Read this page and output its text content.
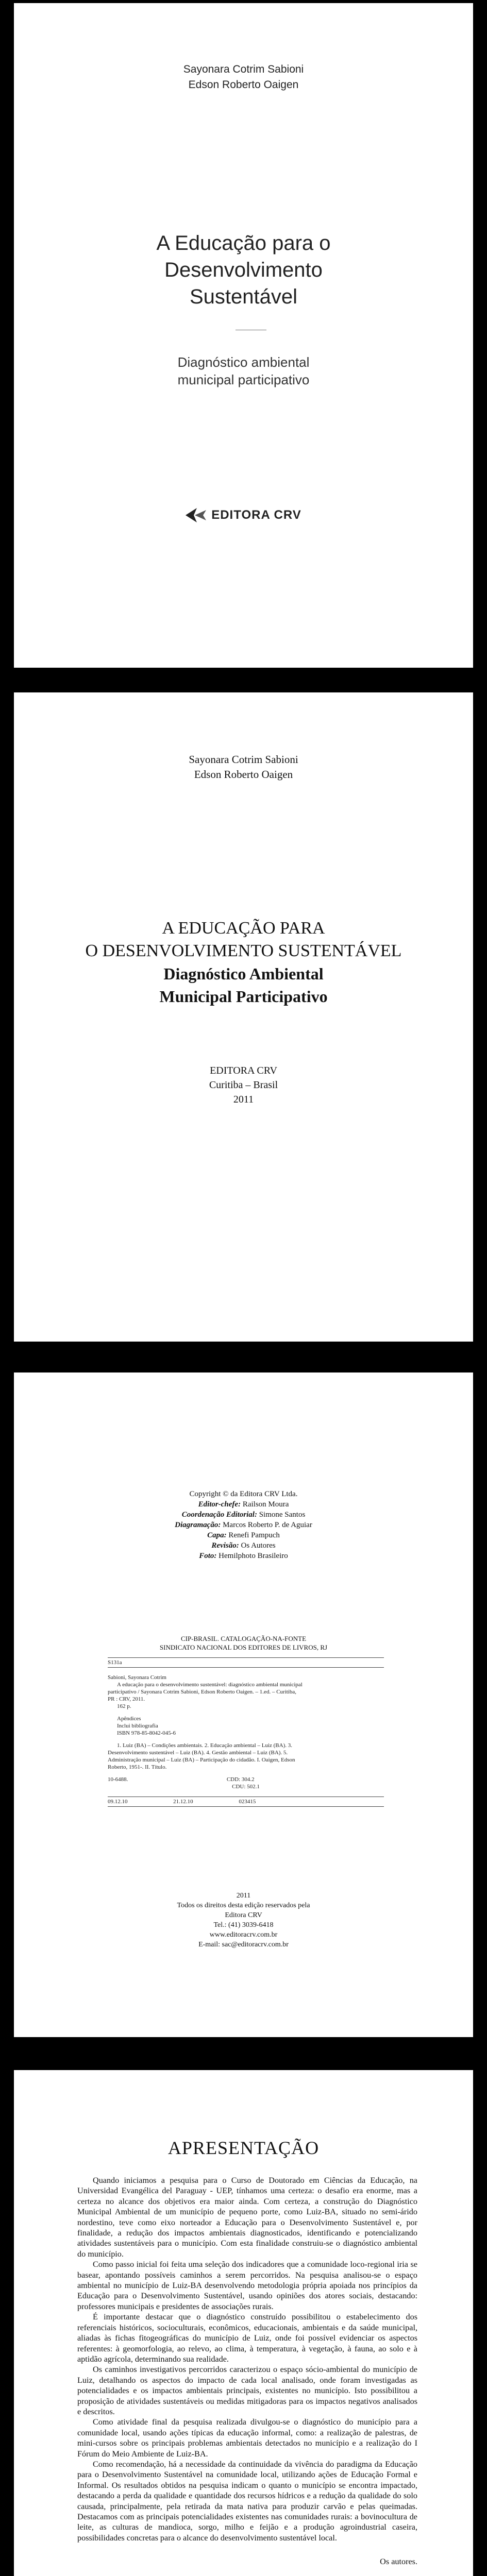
Sayonara Cotrim Sabioni
Edson Roberto Oaigen
A Educação para o
Desenvolvimento
Sustentável
Diagnóstico ambiental
municipal participativo
EDITORA CRV
Sayonara Cotrim Sabioni
Edson Roberto Oaigen
A EDUCAÇÃO PARA
O DESENVOLVIMENTO SUSTENTÁVEL
Diagnóstico Ambiental
Municipal Participativo
EDITORA CRV
Curitiba – Brasil
2011
Copyright © da Editora CRV Ltda.
Editor-chefe: Railson Moura
Coordenação Editorial: Simone Santos
Diagramação: Marcos Roberto P. de Aguiar
Capa: Renefi Pampuch
Revisão: Os Autores
Foto: Hemilphoto Brasileiro
CIP-BRASIL. CATALOGAÇÃO-NA-FONTE
SINDICATO NACIONAL DOS EDITORES DE LIVROS, RJ
S131a
Sabioni, Sayonara Cotrim
A educação para o desenvolvimento sustentável: diagnóstico ambiental municipal
participativo / Sayonara Cotrim Sabioni, Edson Roberto Oaigen. – 1.ed. – Curitiba,
PR : CRV, 2011.
162 p.
Apêndices
Inclui bibliografia
ISBN 978-85-8042-045-6
1. Luiz (BA) – Condições ambientais. 2. Educação ambiental – Luiz (BA). 3.
Desenvolvimento sustentável – Luiz (BA). 4. Gestão ambiental – Luiz (BA). 5.
Administração municipal – Luiz (BA) – Participação do cidadão. I. Oaigen, Edson
Roberto, 1951-. II. Título.
10-6488.	CDD: 304.2
CDU: 502.1
09.12.10	21.12.10	023415
2011
Todos os direitos desta edição reservados pela
Editora CRV
Tel.: (41) 3039-6418
www.editoracrv.com.br
E-mail: sac@editoracrv.com.br
APRESENTAÇÃO

Quando iniciamos a pesquisa para o Curso de Doutorado em Ciências da Educação, na Universidad Evangélica del Paraguay - UEP, tínhamos uma certeza: o desafio era enorme, mas a certeza no alcance dos objetivos era maior ainda. Com certeza, a construção do Diagnóstico Municipal Ambiental de um município de pequeno porte, como Luiz-BA, situado no semi-árido nordestino, teve como eixo norteador a Educação para o Desenvolvimento Sustentável e, por finalidade, a redução dos impactos ambientais diagnosticados, identificando e potencializando atividades sustentáveis para o município. Com esta finalidade construiu-se o diagnóstico ambiental do município.

Como passo inicial foi feita uma seleção dos indicadores que a comunidade loco-regional iria se basear, apontando possíveis caminhos a serem percorridos. Na pesquisa analisou-se o espaço ambiental no município de Luiz-BA desenvolvendo metodologia própria apoiada nos princípios da Educação para o Desenvolvimento Sustentável, usando opiniões dos atores sociais, destacando: professores municipais e presidentes de associações rurais.

É importante destacar que o diagnóstico construído possibilitou o estabelecimento dos referenciais históricos, socioculturais, econômicos, educacionais, ambientais e da saúde municipal, aliadas às fichas fitogeográficas do município de Luiz, onde foi possível evidenciar os aspectos referentes: à geomorfologia, ao relevo, ao clima, à temperatura, à vegetação, à fauna, ao solo e à aptidão agrícola, determinando sua realidade.

Os caminhos investigativos percorridos caracterizou o espaço sócio-ambiental do município de Luiz, detalhando os aspectos do impacto de cada local analisado, onde foram investigadas as potencialidades e os impactos ambientais principais, existentes no município. Isto possibilitou a proposição de atividades sustentáveis ou medidas mitigadoras para os impactos negativos analisados e descritos.

Como atividade final da pesquisa realizada divulgou-se o diagnóstico do município para a comunidade local, usando ações típicas da educação informal, como: a realização de palestras, de mini-cursos sobre os principais problemas ambientais detectados no município e a realização do I Fórum do Meio Ambiente de Luiz-BA.

Como recomendação, há a necessidade da continuidade da vivência do paradigma da Educação para o Desenvolvimento Sustentável na comunidade local, utilizando ações de Educação Formal e Informal. Os resultados obtidos na pesquisa indicam o quanto o município se encontra impactado, destacando a perda da qualidade e quantidade dos recursos hídricos e a redução da qualidade do solo causada, principalmente, pela retirada da mata nativa para produzir carvão e pelas queimadas. Destacamos com as principais potencialidades existentes nas comunidades rurais: a bovinocultura de leite, as culturas de mandioca, sorgo, milho e feijão e a produção agroindustrial caseira, possibilidades concretas para o alcance do desenvolvimento sustentável local.

Os autores.
